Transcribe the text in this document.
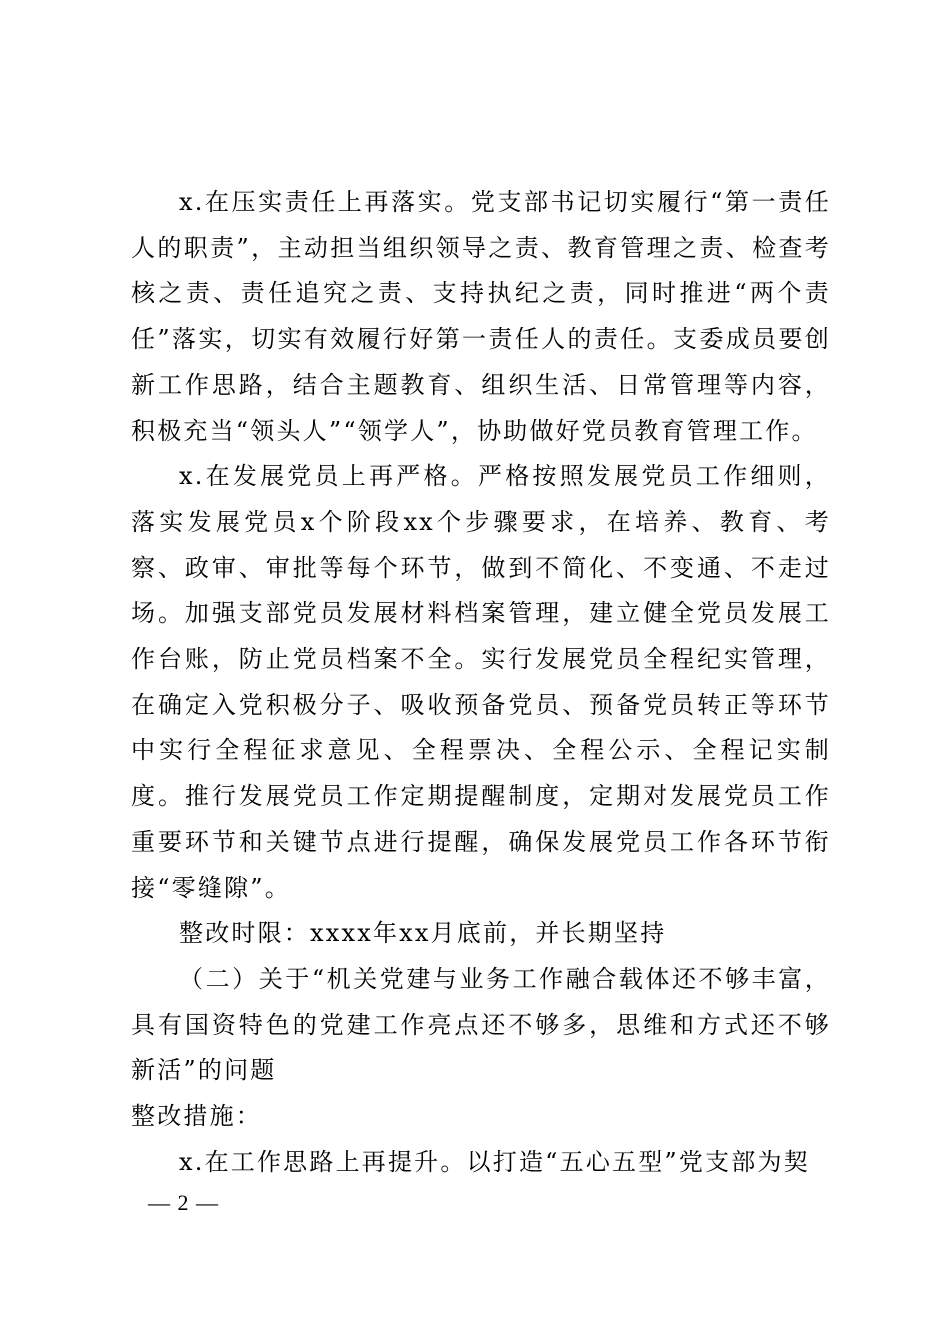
x.在压实责任上再落实。党支部书记切实履行“第一责任人的职责”，主动担当组织领导之责、教育管理之责、检查考核之责、责任追究之责、支持执纪之责，同时推进“两个责任”落实，切实有效履行好第一责任人的责任。支委成员要创新工作思路，结合主题教育、组织生活、日常管理等内容，积极充当“领头人”“领学人”，协助做好党员教育管理工作。

x.在发展党员上再严格。严格按照发展党员工作细则，落实发展党员x个阶段xx个步骤要求，在培养、教育、考察、政审、审批等每个环节，做到不简化、不变通、不走过场。加强支部党员发展材料档案管理，建立健全党员发展工作台账，防止党员档案不全。实行发展党员全程纪实管理，在确定入党积极分子、吸收预备党员、预备党员转正等环节中实行全程征求意见、全程票决、全程公示、全程记实制度。推行发展党员工作定期提醒制度，定期对发展党员工作重要环节和关键节点进行提醒，确保发展党员工作各环节衔接“零缝隙”。

整改时限：xxxx年xx月底前，并长期坚持

（二）关于“机关党建与业务工作融合载体还不够丰富，具有国资特色的党建工作亮点还不够多，思维和方式还不够新活”的问题

整改措施：

x.在工作思路上再提升。以打造“五心五型”党支部为契

— 2 —
